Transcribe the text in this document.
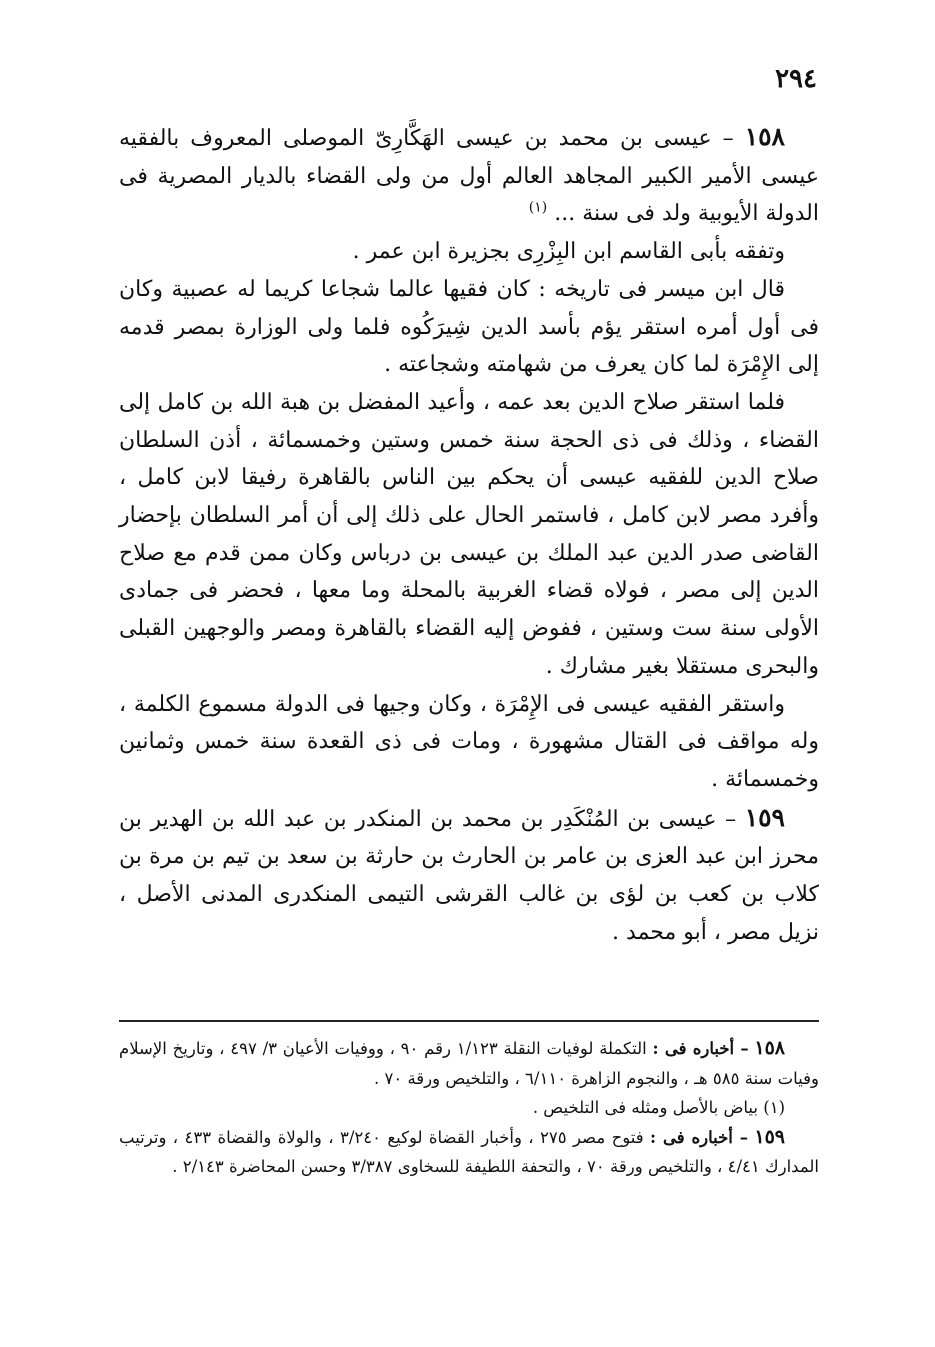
٢٩٤

١٥٨ – عيسى بن محمد بن عيسى الهَكَّارِىّ الموصلى المعروف بالفقيه عيسى الأمير الكبير المجاهد العالم أول من ولى القضاء بالديار المصرية فى الدولة الأيوبية ولد فى سنة ... $^{(١)}$

وتفقه بأبى القاسم ابن البِزْرِى بجزيرة ابن عمر .

قال ابن ميسر فى تاريخه : كان فقيها عالما شجاعا كريما له عصبية وكان فى أول أمره استقر يؤم بأسد الدين شِيرَكُوه فلما ولى الوزارة بمصر قدمه إلى الإِمْرَة لما كان يعرف من شهامته وشجاعته .

فلما استقر صلاح الدين بعد عمه ، وأعيد المفضل بن هبة الله بن كامل إلى القضاء ، وذلك فى ذى الحجة سنة خمس وستين وخمسمائة ، أذن السلطان صلاح الدين للفقيه عيسى أن يحكم بين الناس بالقاهرة رفيقا لابن كامل ، وأفرد مصر لابن كامل ، فاستمر الحال على ذلك إلى أن أمر السلطان بإحضار القاضى صدر الدين عبد الملك بن عيسى بن درباس وكان ممن قدم مع صلاح الدين إلى مصر ، فولاه قضاء الغربية بالمحلة وما معها ، فحضر فى جمادى الأولى سنة ست وستين ، ففوض إليه القضاء بالقاهرة ومصر والوجهين القبلى والبحرى مستقلا بغير مشارك .

واستقر الفقيه عيسى فى الإِمْرَة ، وكان وجيها فى الدولة مسموع الكلمة ، وله مواقف فى القتال مشهورة ، ومات فى ذى القعدة سنة خمس وثمانين وخمسمائة .

١٥٩ – عيسى بن المُنْكَدِر بن محمد بن المنكدر بن عبد الله بن الهدير بن محرز ابن عبد العزى بن عامر بن الحارث بن حارثة بن سعد بن تيم بن مرة بن كلاب بن كعب بن لؤى بن غالب القرشى التيمى المنكدرى المدنى الأصل ، نزيل مصر ، أبو محمد .

١٥٨ – أخباره فى : التكملة لوفيات النقلة ١/١٢٣ رقم ٩٠ ، ووفيات الأعيان ٣/ ٤٩٧ ، وتاريخ الإسلام وفيات سنة ٥٨٥ هـ ، والنجوم الزاهرة ٦/١١٠ ، والتلخيص ورقة ٧٠ .

(١) بياض بالأصل ومثله فى التلخيص .

١٥٩ – أخباره فى : فتوح مصر ٢٧٥ ، وأخبار القضاة لوكيع ٣/٢٤٠ ، والولاة والقضاة ٤٣٣ ، وترتيب المدارك ٤/٤١ ، والتلخيص ورقة ٧٠ ، والتحفة اللطيفة للسخاوى ٣/٣٨٧ وحسن المحاضرة ٢/١٤٣ .
